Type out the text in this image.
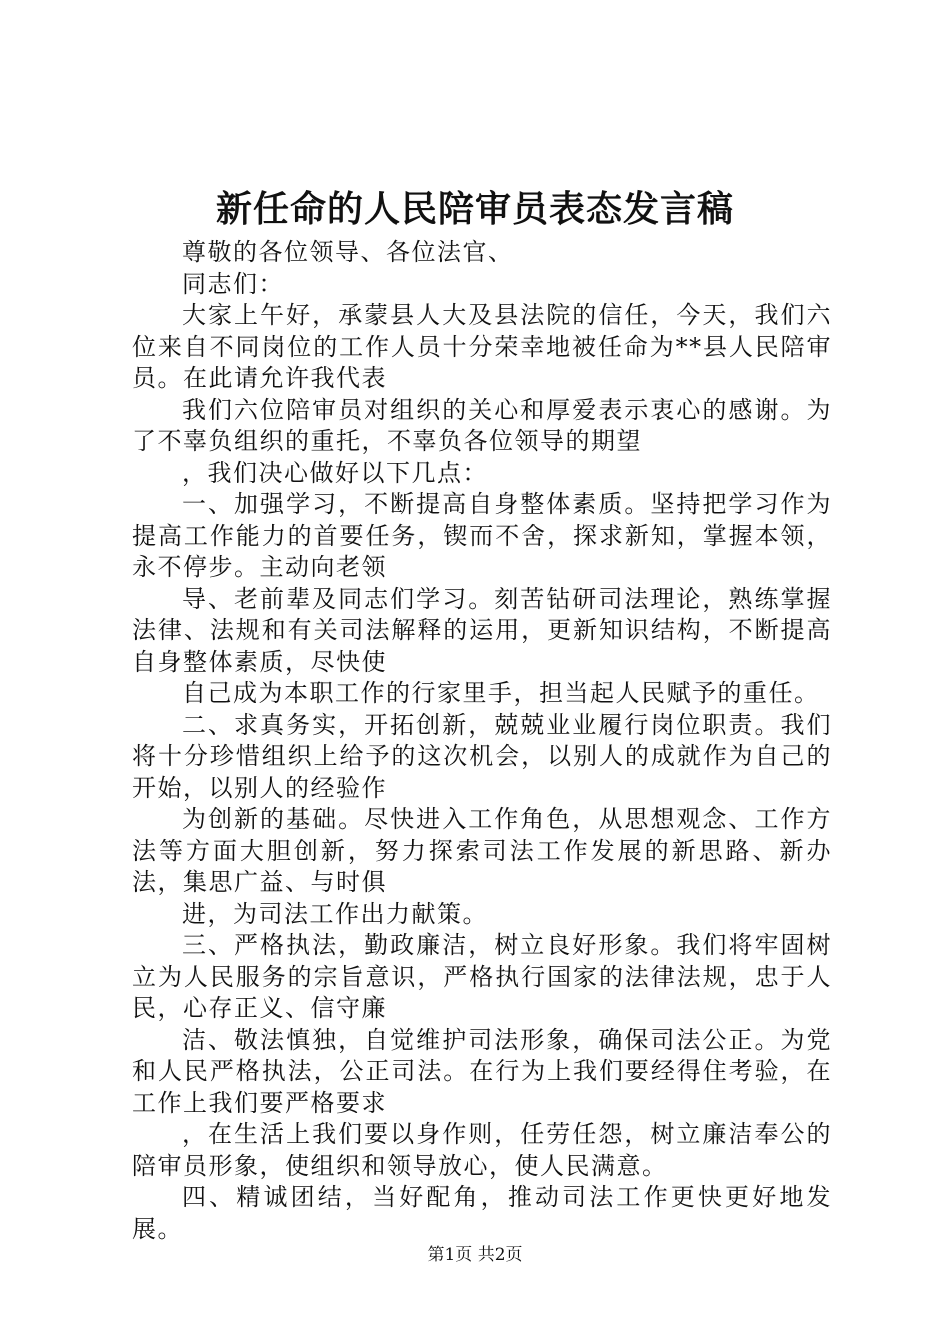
新任命的人民陪审员表态发言稿

尊敬的各位领导、各位法官、

同志们：

大家上午好，承蒙县人大及县法院的信任，今天，我们六位来自不同岗位的工作人员十分荣幸地被任命为**县人民陪审员。在此请允许我代表

我们六位陪审员对组织的关心和厚爱表示衷心的感谢。为了不辜负组织的重托，不辜负各位领导的期望

，我们决心做好以下几点：

一、加强学习，不断提高自身整体素质。坚持把学习作为提高工作能力的首要任务，锲而不舍，探求新知，掌握本领，永不停步。主动向老领

导、老前辈及同志们学习。刻苦钻研司法理论，熟练掌握法律、法规和有关司法解释的运用，更新知识结构，不断提高自身整体素质，尽快使

自己成为本职工作的行家里手，担当起人民赋予的重任。

二、求真务实，开拓创新，兢兢业业履行岗位职责。我们将十分珍惜组织上给予的这次机会，以别人的成就作为自己的开始，以别人的经验作

为创新的基础。尽快进入工作角色，从思想观念、工作方法等方面大胆创新，努力探索司法工作发展的新思路、新办法，集思广益、与时俱

进，为司法工作出力献策。

三、严格执法，勤政廉洁，树立良好形象。我们将牢固树立为人民服务的宗旨意识，严格执行国家的法律法规，忠于人民，心存正义、信守廉

洁、敬法慎独，自觉维护司法形象，确保司法公正。为党和人民严格执法，公正司法。在行为上我们要经得住考验，在工作上我们要严格要求

，在生活上我们要以身作则，任劳任怨，树立廉洁奉公的陪审员形象，使组织和领导放心，使人民满意。

四、精诚团结，当好配角，推动司法工作更快更好地发展。

第1页 共2页
